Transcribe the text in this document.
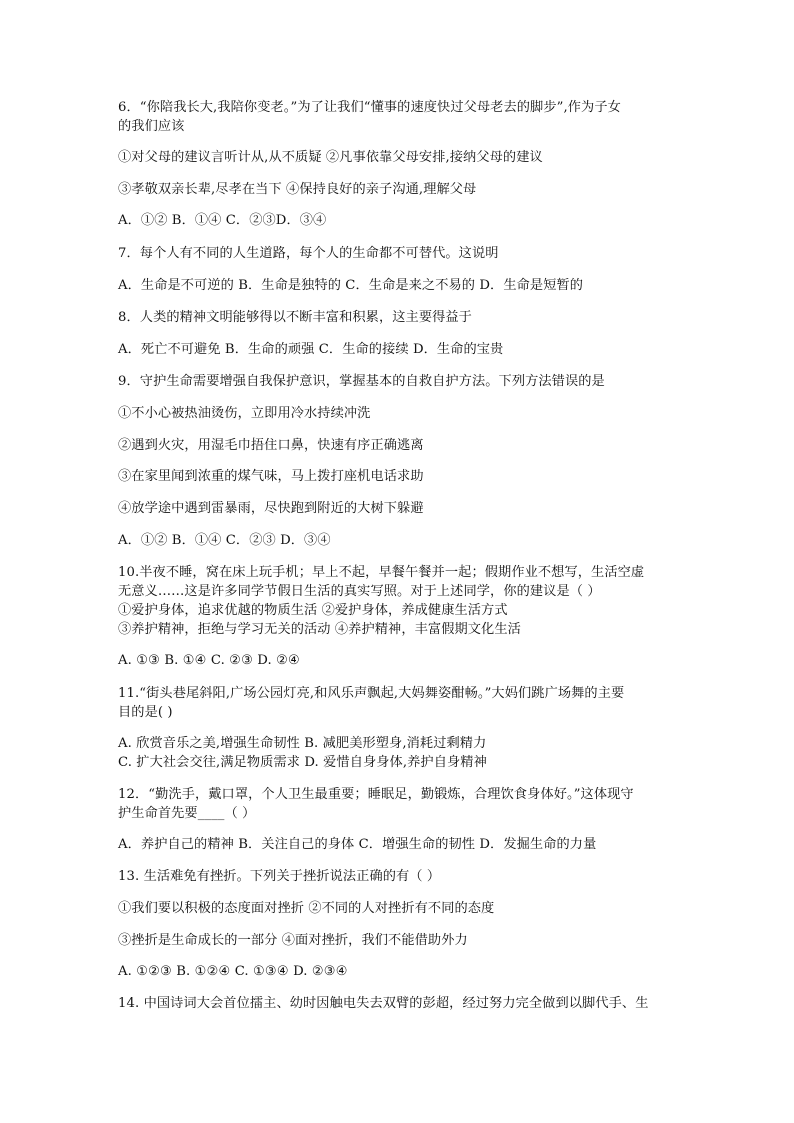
6．“你陪我长大,我陪你变老。”为了让我们“懂事的速度快过父母老去的脚步”,作为子女
的我们应该
①对父母的建议言听计从,从不质疑 ②凡事依靠父母安排,接纳父母的建议
③孝敬双亲长辈,尽孝在当下 ④保持良好的亲子沟通,理解父母
A．①② B．①④ C．②③D．③④
7．每个人有不同的人生道路，每个人的生命都不可替代。这说明
A．生命是不可逆的 B．生命是独特的 C．生命是来之不易的 D．生命是短暂的
8．人类的精神文明能够得以不断丰富和积累，这主要得益于
A．死亡不可避免 B．生命的顽强 C．生命的接续 D．生命的宝贵
9．守护生命需要增强自我保护意识，掌握基本的自救自护方法。下列方法错误的是
①不小心被热油烫伤，立即用冷水持续冲洗
②遇到火灾，用湿毛巾捂住口鼻，快速有序正确逃离
③在家里闻到浓重的煤气味，马上拨打座机电话求助
④放学途中遇到雷暴雨，尽快跑到附近的大树下躲避
A．①② B．①④ C．②③ D．③④
10.半夜不睡，窝在床上玩手机；早上不起，早餐午餐并一起；假期作业不想写，生活空虚
无意义……这是许多同学节假日生活的真实写照。对于上述同学，你的建议是（ ）
①爱护身体，追求优越的物质生活 ②爱护身体，养成健康生活方式
③养护精神，拒绝与学习无关的活动 ④养护精神，丰富假期文化生活
A. ①③ B. ①④ C. ②③ D. ②④
11.“街头巷尾斜阳,广场公园灯亮,和风乐声飘起,大妈舞姿酣畅。”大妈们跳广场舞的主要
目的是( )
A. 欣赏音乐之美,增强生命韧性 B. 减肥美形塑身,消耗过剩精力
C. 扩大社会交往,满足物质需求 D. 爱惜自身身体,养护自身精神
12．“勤洗手，戴口罩，个人卫生最重要；睡眠足，勤锻炼，合理饮食身体好。”这体现守
护生命首先要____（ ）
A．养护自己的精神 B．关注自己的身体 C．增强生命的韧性 D．发掘生命的力量
13. 生活难免有挫折。下列关于挫折说法正确的有（ ）
①我们要以积极的态度面对挫折 ②不同的人对挫折有不同的态度
③挫折是生命成长的一部分 ④面对挫折，我们不能借助外力
A. ①②③ B. ①②④ C. ①③④ D. ②③④
14. 中国诗词大会首位擂主、幼时因触电失去双臂的彭超，经过努力完全做到以脚代手、生
